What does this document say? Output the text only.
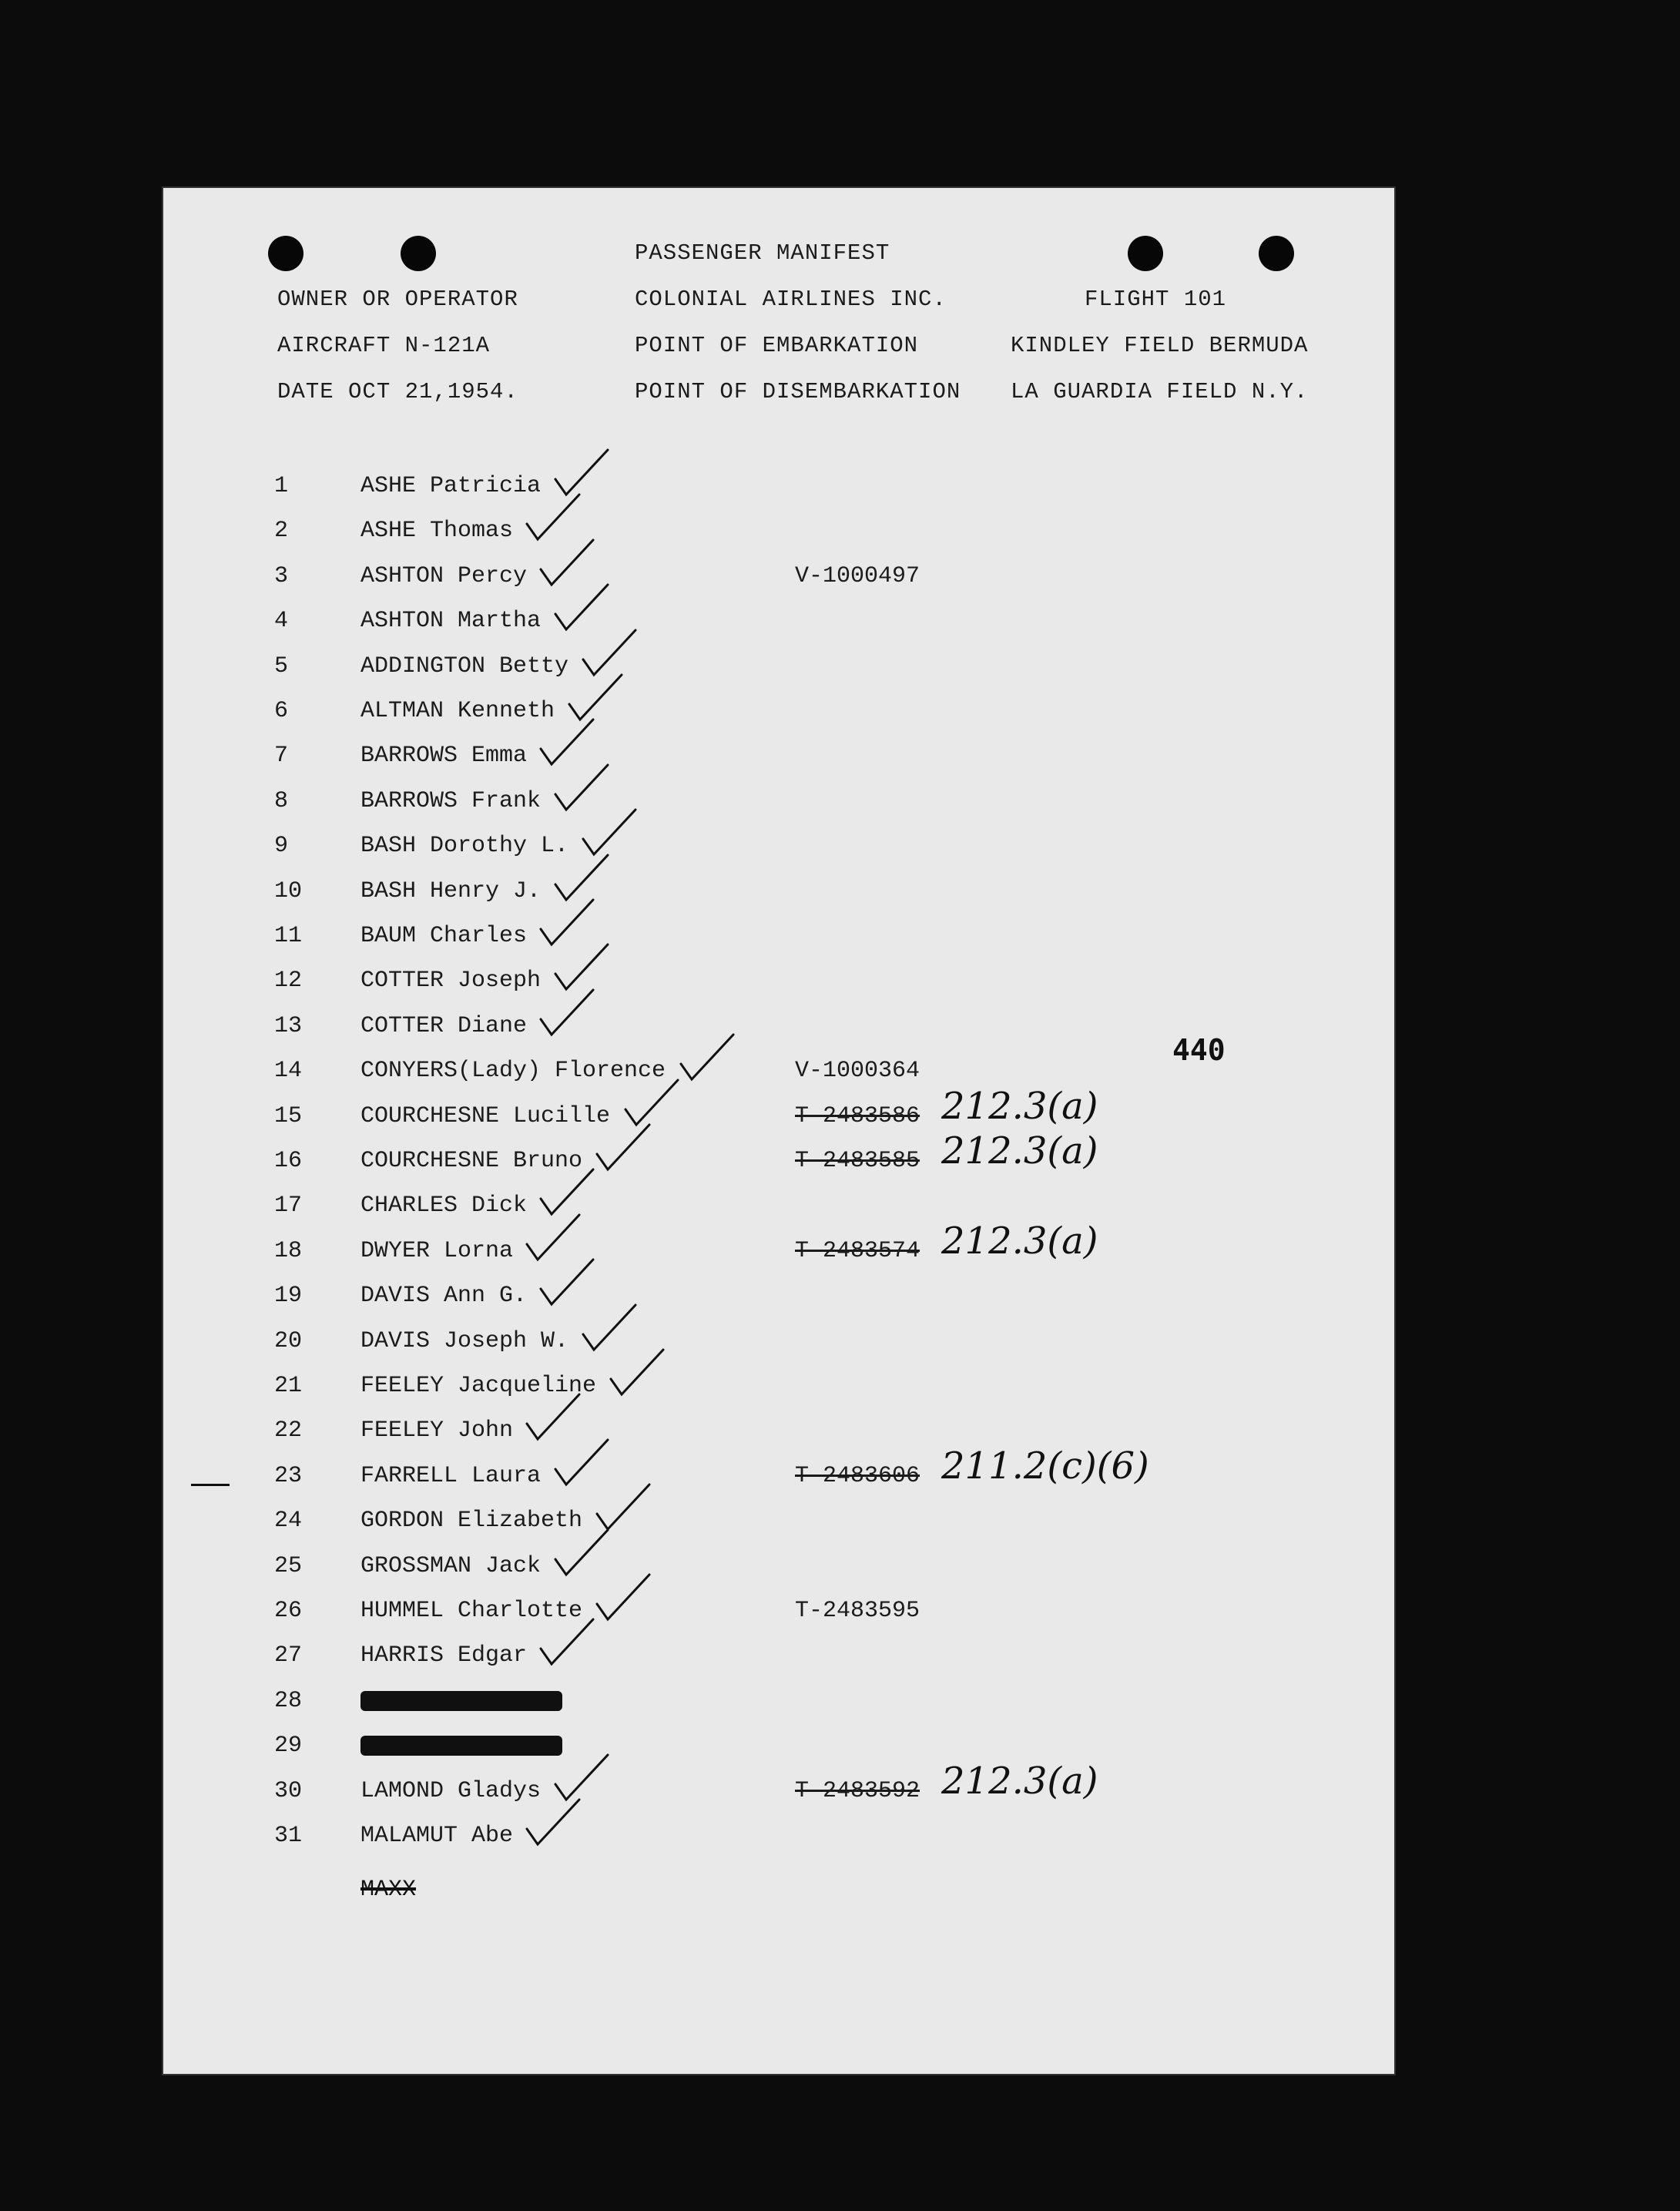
PASSENGER MANIFEST
OWNER OR OPERATOR	COLONIAL AIRLINES INC.	FLIGHT 101
AIRCRAFT N-121A	POINT OF EMBARKATION	KINDLEY FIELD BERMUDA
DATE OCT 21,1954.	POINT OF DISEMBARKATION LA GUARDIA FIELD N.Y.
440
1	ASHE Patricia
2	ASHE Thomas
3	ASHTON Percy	V-1000497
4	ASHTON Martha
5	ADDINGTON Betty
6	ALTMAN Kenneth
7	BARROWS Emma
8	BARROWS Frank
9	BASH Dorothy L.
10	BASH Henry J.
11	BAUM Charles
12	COTTER Joseph
13	COTTER Diane
14	CONYERS(Lady) Florence	V-1000364
15	COURCHESNE Lucille	T-2483586 212.3(a)
16	COURCHESNE Bruno	T-2483585 212.3(a)
17	CHARLES Dick
18	DWYER Lorna	T-2483574 212.3(a)
19	DAVIS Ann G.
20	DAVIS Joseph W.
21	FEELEY Jacqueline
22	FEELEY John
23	FARRELL Laura	T-2483606 211.2(c)(6)
24	GORDON Elizabeth
25	GROSSMAN Jack
26	HUMMEL Charlotte	T-2483595
27	HARRIS Edgar
28
29
30	LAMOND Gladys	T-2483592 212.3(a)
31	MALAMUT Abe
MAXX
